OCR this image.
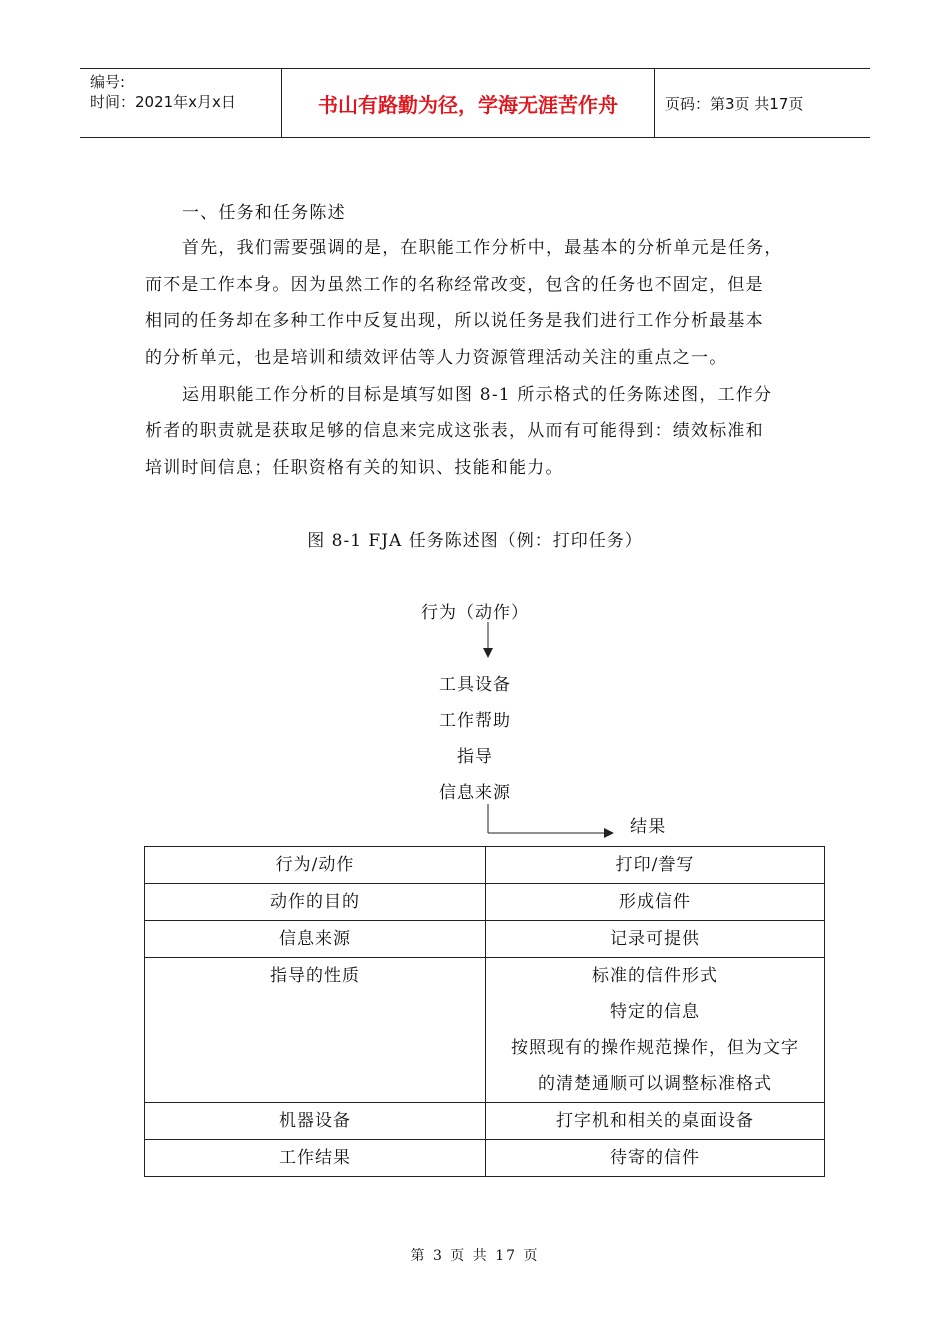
编号:
时间：2021年x月x日	书山有路勤为径，学海无涯苦作舟	页码：第3页 共17页
一、任务和任务陈述
首先，我们需要强调的是，在职能工作分析中，最基本的分析单元是任务，
而不是工作本身。因为虽然工作的名称经常改变，包含的任务也不固定，但是
相同的任务却在多种工作中反复出现，所以说任务是我们进行工作分析最基本
的分析单元，也是培训和绩效评估等人力资源管理活动关注的重点之一。
运用职能工作分析的目标是填写如图 8-1 所示格式的任务陈述图，工作分
析者的职责就是获取足够的信息来完成这张表，从而有可能得到：绩效标准和
培训时间信息；任职资格有关的知识、技能和能力。
图 8-1 FJA 任务陈述图（例：打印任务）
行为（动作）
工具设备
工作帮助
指导
信息来源
结果
行为/动作	打印/誊写
动作的目的	形成信件
信息来源	记录可提供
指导的性质	标准的信件形式
特定的信息
按照现有的操作规范操作，但为文字
的清楚通顺可以调整标准格式

机器设备	打字机和相关的桌面设备
工作结果	待寄的信件
第 3 页 共 17 页
